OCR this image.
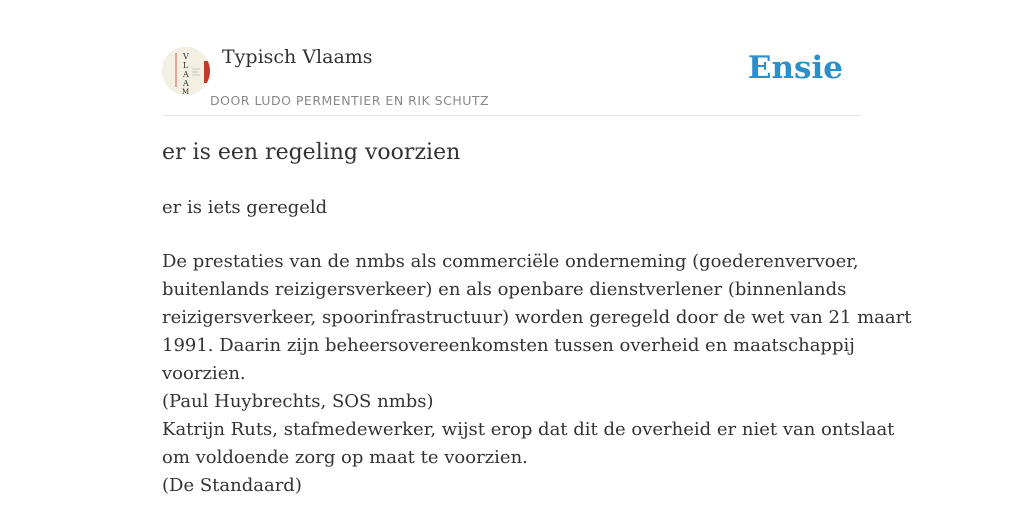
V
L
A
A
M
Typisch Vlaams
DOOR LUDO PERMENTIER EN RIK SCHUTZ
Ensie
er is een regeling voorzien

er is iets geregeld

De prestaties van de nmbs als commerciële onderneming (goederenvervoer,
buitenlands reizigersverkeer) en als openbare dienstverlener (binnenlands
reizigersverkeer, spoorinfrastructuur) worden geregeld door de wet van 21 maart
1991. Daarin zijn beheersovereenkomsten tussen overheid en maatschappij
voorzien.
(Paul Huybrechts, SOS nmbs)
Katrijn Ruts, stafmedewerker, wijst erop dat dit de overheid er niet van ontslaat
om voldoende zorg op maat te voorzien.
(De Standaard)
